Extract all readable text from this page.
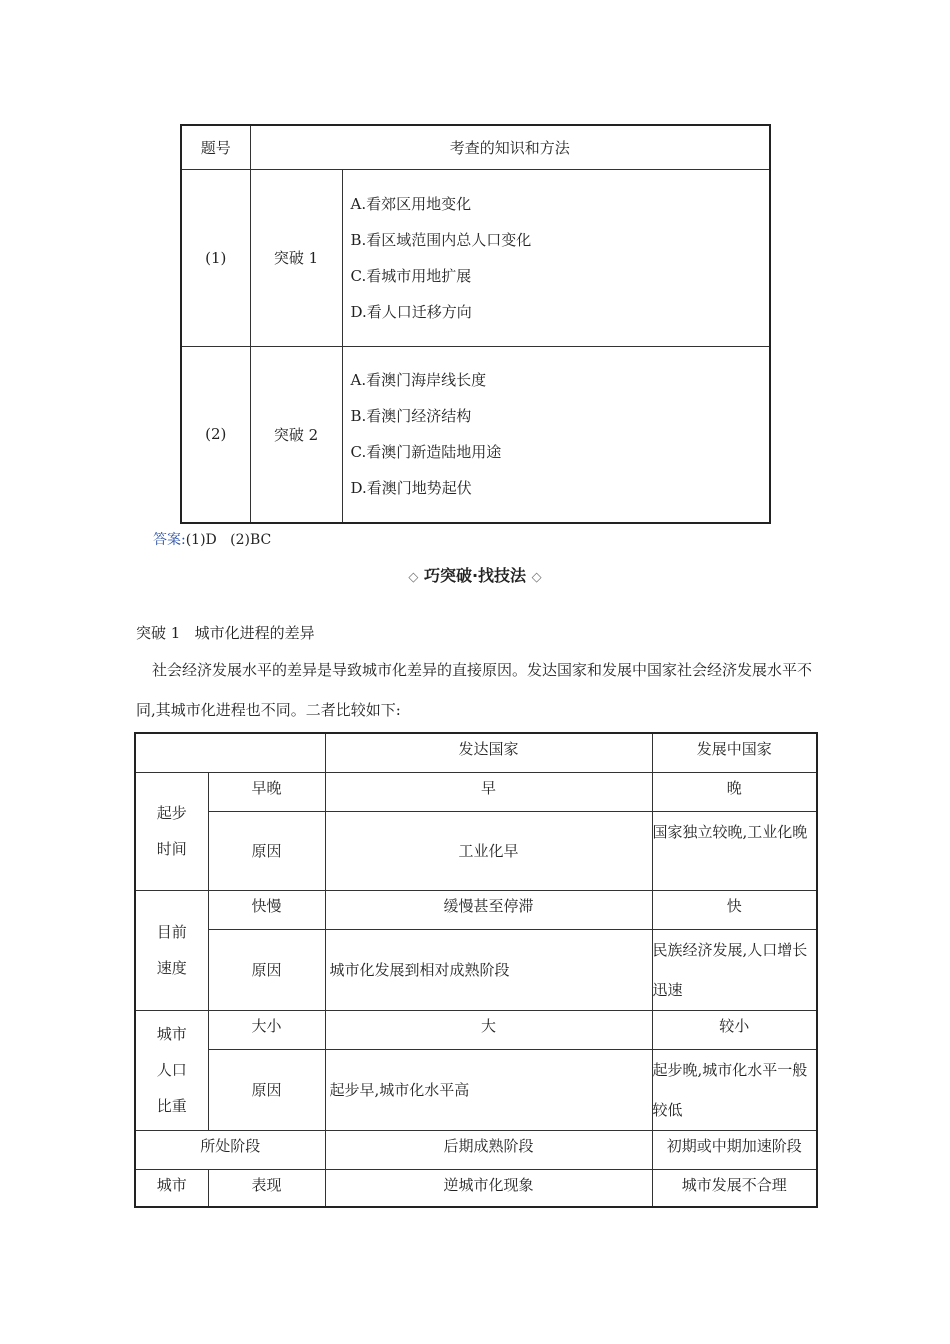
题号	考查的知识和方法	
(1)	突破 1	A.看郊区用地变化
B.看区域范围内总人口变化
C.看城市用地扩展
D.看人口迁移方向

(2)	突破 2	A.看澳门海岸线长度
B.看澳门经济结构
C.看澳门新造陆地用途
D.看澳门地势起伏
答案:(1)D   (2)BC
◇ 巧突破·找技法 ◇
突破 1   城市化进程的差异
社会经济发展水平的差异是导致城市化差异的直接原因。发达国家和发展中国家社会经济发展水平不同,其城市化进程也不同。二者比较如下:
		发达国家	发展中国家

起步
时间	早晚	早	晚
	原因	工业化早	国家独立较晚,工业化晚

目前
速度	快慢	缓慢甚至停滞	快
	原因	城市化发展到相对成熟阶段	民族经济发展,人口增长迅速

城市
人口
比重	大小	大	较小
	原因	起步早,城市化水平高	起步晚,城市化水平一般较低
所处阶段		后期成熟阶段	初期或中期加速阶段
城市	表现	逆城市化现象	城市发展不合理
